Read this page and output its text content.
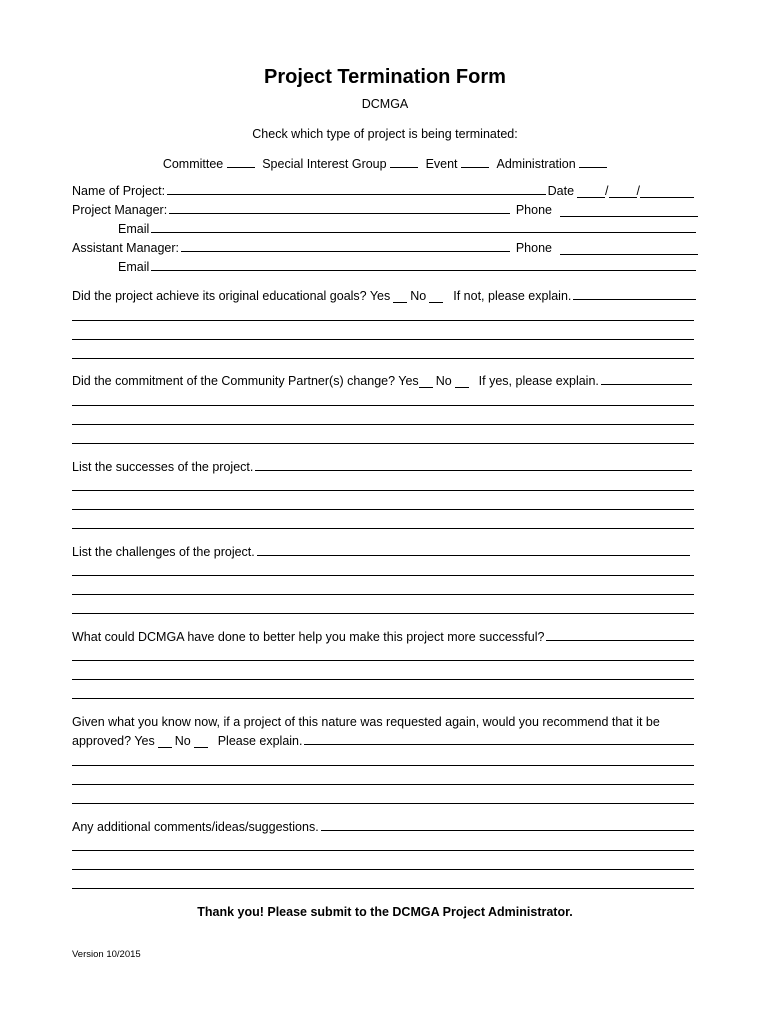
Project Termination Form
DCMGA
Check which type of project is being terminated:
Committee	Special Interest Group	Event	Administration
Name of Project:	Date / /
Project Manager:	Phone
Email
Assistant Manager:	Phone
Email
Did the project achieve its original educational goals? Yes No If not, please explain.
Did the commitment of the Community Partner(s) change? Yes No If yes, please explain.
List the successes of the project.
List the challenges of the project.
What could DCMGA have done to better help you make this project more successful?
Given what you know now, if a project of this nature was requested again, would you recommend that it be
approved? Yes No Please explain.
Any additional comments/ideas/suggestions.
Thank you! Please submit to the DCMGA Project Administrator.
Version 10/2015
